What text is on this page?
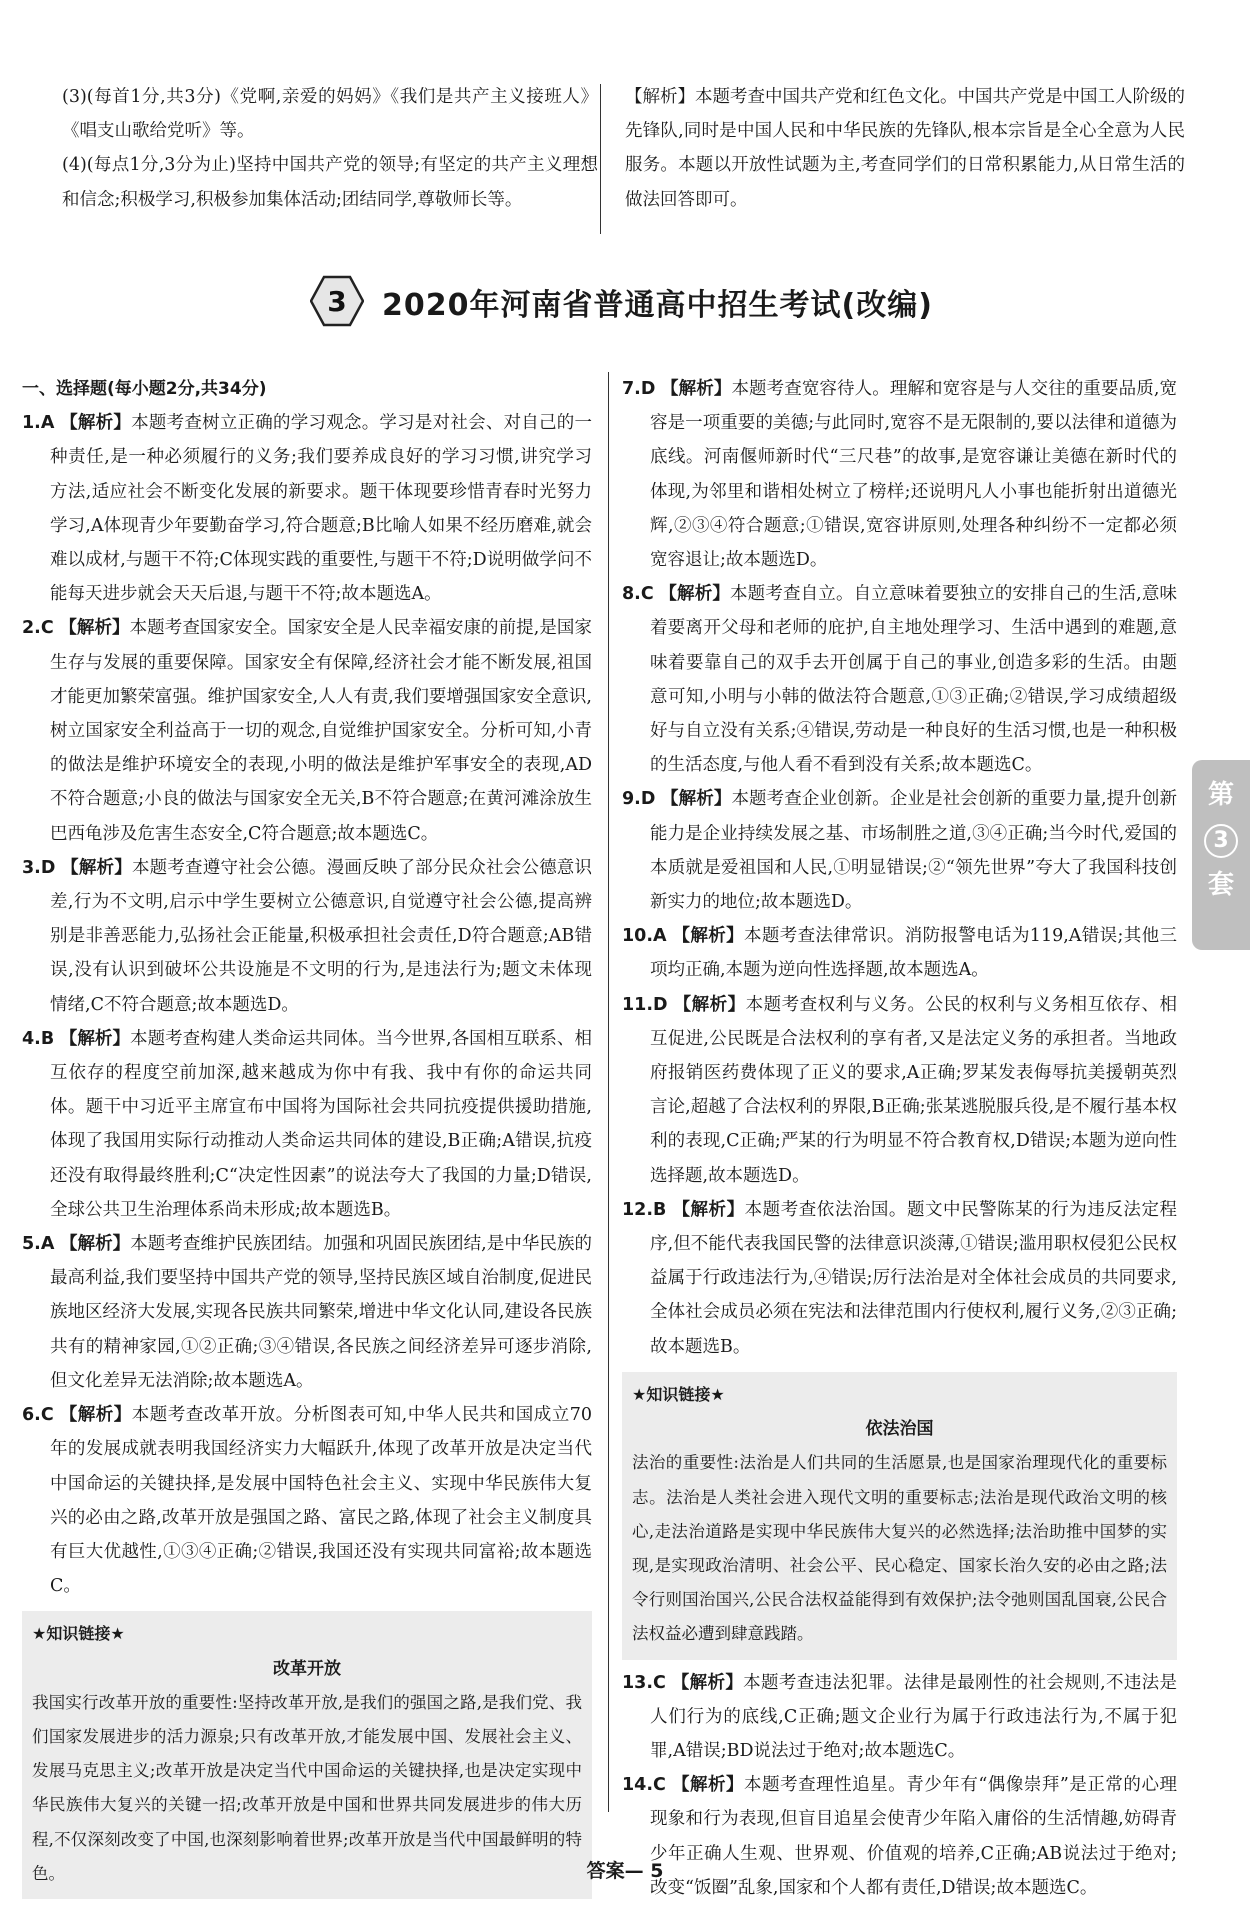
(3)(每首1分,共3分)《党啊,亲爱的妈妈》《我们是共产主义接班人》《唱支山歌给党听》等。

(4)(每点1分,3分为止)坚持中国共产党的领导;有坚定的共产主义理想和信念;积极学习,积极参加集体活动;团结同学,尊敬师长等。

【解析】本题考查中国共产党和红色文化。中国共产党是中国工人阶级的先锋队,同时是中国人民和中华民族的先锋队,根本宗旨是全心全意为人民服务。本题以开放性试题为主,考查同学们的日常积累能力,从日常生活的做法回答即可。

3 2020年河南省普通高中招生考试(改编)

一、选择题(每小题2分,共34分)

1.A 【解析】本题考查树立正确的学习观念。学习是对社会、对自己的一种责任,是一种必须履行的义务;我们要养成良好的学习习惯,讲究学习方法,适应社会不断变化发展的新要求。题干体现要珍惜青春时光努力学习,A体现青少年要勤奋学习,符合题意;B比喻人如果不经历磨难,就会难以成材,与题干不符;C体现实践的重要性,与题干不符;D说明做学问不能每天进步就会天天后退,与题干不符;故本题选A。

2.C 【解析】本题考查国家安全。国家安全是人民幸福安康的前提,是国家生存与发展的重要保障。国家安全有保障,经济社会才能不断发展,祖国才能更加繁荣富强。维护国家安全,人人有责,我们要增强国家安全意识,树立国家安全利益高于一切的观念,自觉维护国家安全。分析可知,小青的做法是维护环境安全的表现,小明的做法是维护军事安全的表现,AD不符合题意;小良的做法与国家安全无关,B不符合题意;在黄河滩涂放生巴西龟涉及危害生态安全,C符合题意;故本题选C。

3.D 【解析】本题考查遵守社会公德。漫画反映了部分民众社会公德意识差,行为不文明,启示中学生要树立公德意识,自觉遵守社会公德,提高辨别是非善恶能力,弘扬社会正能量,积极承担社会责任,D符合题意;AB错误,没有认识到破坏公共设施是不文明的行为,是违法行为;题文未体现情绪,C不符合题意;故本题选D。

4.B 【解析】本题考查构建人类命运共同体。当今世界,各国相互联系、相互依存的程度空前加深,越来越成为你中有我、我中有你的命运共同体。题干中习近平主席宣布中国将为国际社会共同抗疫提供援助措施,体现了我国用实际行动推动人类命运共同体的建设,B正确;A错误,抗疫还没有取得最终胜利;C“决定性因素”的说法夸大了我国的力量;D错误,全球公共卫生治理体系尚未形成;故本题选B。

5.A 【解析】本题考查维护民族团结。加强和巩固民族团结,是中华民族的最高利益,我们要坚持中国共产党的领导,坚持民族区域自治制度,促进民族地区经济大发展,实现各民族共同繁荣,增进中华文化认同,建设各民族共有的精神家园,①②正确;③④错误,各民族之间经济差异可逐步消除,但文化差异无法消除;故本题选A。

6.C 【解析】本题考查改革开放。分析图表可知,中华人民共和国成立70年的发展成就表明我国经济实力大幅跃升,体现了改革开放是决定当代中国命运的关键抉择,是发展中国特色社会主义、实现中华民族伟大复兴的必由之路,改革开放是强国之路、富民之路,体现了社会主义制度具有巨大优越性,①③④正确;②错误,我国还没有实现共同富裕;故本题选C。

★知识链接★

改革开放

我国实行改革开放的重要性:坚持改革开放,是我们的强国之路,是我们党、我们国家发展进步的活力源泉;只有改革开放,才能发展中国、发展社会主义、发展马克思主义;改革开放是决定当代中国命运的关键抉择,也是决定实现中华民族伟大复兴的关键一招;改革开放是中国和世界共同发展进步的伟大历程,不仅深刻改变了中国,也深刻影响着世界;改革开放是当代中国最鲜明的特色。

7.D 【解析】本题考查宽容待人。理解和宽容是与人交往的重要品质,宽容是一项重要的美德;与此同时,宽容不是无限制的,要以法律和道德为底线。河南偃师新时代“三尺巷”的故事,是宽容谦让美德在新时代的体现,为邻里和谐相处树立了榜样;还说明凡人小事也能折射出道德光辉,②③④符合题意;①错误,宽容讲原则,处理各种纠纷不一定都必须宽容退让;故本题选D。

8.C 【解析】本题考查自立。自立意味着要独立的安排自己的生活,意味着要离开父母和老师的庇护,自主地处理学习、生活中遇到的难题,意味着要靠自己的双手去开创属于自己的事业,创造多彩的生活。由题意可知,小明与小韩的做法符合题意,①③正确;②错误,学习成绩超级好与自立没有关系;④错误,劳动是一种良好的生活习惯,也是一种积极的生活态度,与他人看不看到没有关系;故本题选C。

9.D 【解析】本题考查企业创新。企业是社会创新的重要力量,提升创新能力是企业持续发展之基、市场制胜之道,③④正确;当今时代,爱国的本质就是爱祖国和人民,①明显错误;②“领先世界”夸大了我国科技创新实力的地位;故本题选D。

10.A 【解析】本题考查法律常识。消防报警电话为119,A错误;其他三项均正确,本题为逆向性选择题,故本题选A。

11.D 【解析】本题考查权利与义务。公民的权利与义务相互依存、相互促进,公民既是合法权利的享有者,又是法定义务的承担者。当地政府报销医药费体现了正义的要求,A正确;罗某发表侮辱抗美援朝英烈言论,超越了合法权利的界限,B正确;张某逃脱服兵役,是不履行基本权利的表现,C正确;严某的行为明显不符合教育权,D错误;本题为逆向性选择题,故本题选D。

12.B 【解析】本题考查依法治国。题文中民警陈某的行为违反法定程序,但不能代表我国民警的法律意识淡薄,①错误;滥用职权侵犯公民权益属于行政违法行为,④错误;厉行法治是对全体社会成员的共同要求,全体社会成员必须在宪法和法律范围内行使权利,履行义务,②③正确;故本题选B。

★知识链接★

依法治国

法治的重要性:法治是人们共同的生活愿景,也是国家治理现代化的重要标志。法治是人类社会进入现代文明的重要标志;法治是现代政治文明的核心,走法治道路是实现中华民族伟大复兴的必然选择;法治助推中国梦的实现,是实现政治清明、社会公平、民心稳定、国家长治久安的必由之路;法令行则国治国兴,公民合法权益能得到有效保护;法令弛则国乱国衰,公民合法权益必遭到肆意践踏。

13.C 【解析】本题考查违法犯罪。法律是最刚性的社会规则,不违法是人们行为的底线,C正确;题文企业行为属于行政违法行为,不属于犯罪,A错误;BD说法过于绝对;故本题选C。

14.C 【解析】本题考查理性追星。青少年有“偶像崇拜”是正常的心理现象和行为表现,但盲目追星会使青少年陷入庸俗的生活情趣,妨碍青少年正确人生观、世界观、价值观的培养,C正确;AB说法过于绝对;改变“饭圈”乱象,国家和个人都有责任,D错误;故本题选C。

第
3
套
答案— 5
